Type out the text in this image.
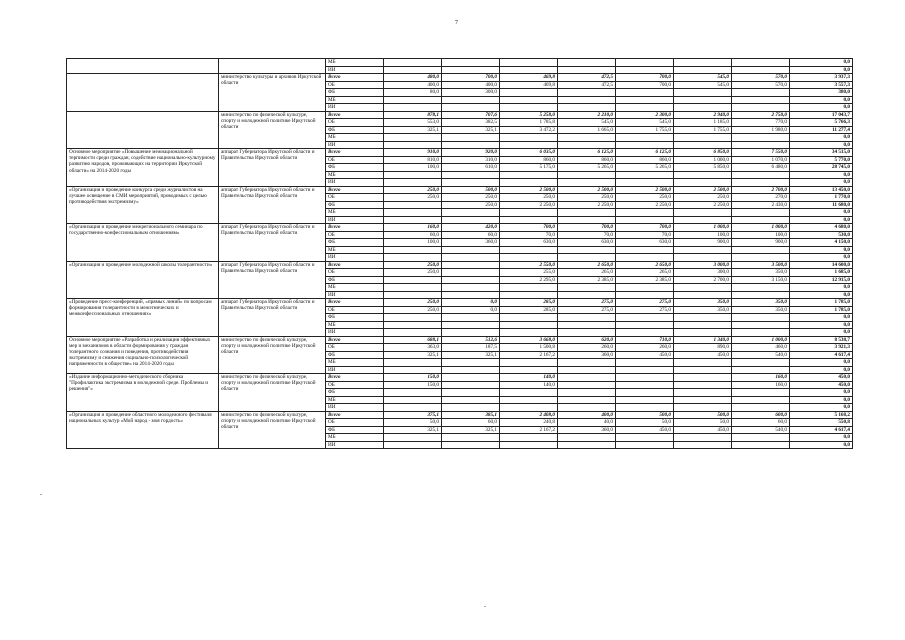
7
.
.
		МБ								0,0
		ИИ								0,0
	министерство культуры и архивов Иркутской области	Всего	480,0	700,0	469,8	472,5	700,0	545,0	570,0	3 937,3
		ОБ	400,0	400,0	469,8	472,5	700,0	545,0	570,0	3 557,3
		ФБ	80,0	300,0						380,0
		МБ								0,0
		ИИ								0,0
	министерство по физической культуре, спорту и молодежной политике Иркутской области	Всего	878,1	707,6	5 258,0	2 210,0	2 300,0	2 940,0	2 750,0	17 043,7
		ОБ	553,0	382,5	1 785,8	545,0	545,0	1 185,0	770,0	5 766,3
		ФБ	325,1	325,1	3 472,2	1 665,0	1 755,0	1 755,0	1 980,0	11 277,4
		МБ								0,0
		ИИ								0,0
Основное мероприятие «Повышение межнациональной терпимости среди граждан, содействие национально-культурному развитию народов, проживающих на территории Иркутской области» на 2014-2020 годы	аппарат Губернатора Иркутской области и Правительства Иркутской области	Всего	910,0	920,0	6 035,0	6 125,0	6 125,0	6 850,0	7 550,0	34 515,0
		ОБ	810,0	310,0	860,0	860,0	860,0	1 000,0	1 070,0	5 770,0
		ФБ	100,0	610,0	5 175,0	5 265,0	5 265,0	5 850,0	6 480,0	28 745,0
		МБ								0,0
		ИИ								0,0
«Организация и проведение конкурса среди журналистов на лучшее освещение в СМИ мероприятий, проводимых с целью противодействия экстремизму»	аппарат Губернатора Иркутской области и Правительства Иркутской области	Всего	250,0	500,0	2 500,0	2 500,0	2 500,0	2 500,0	2 700,0	13 450,0
		ОБ	250,0	250,0	250,0	250,0	250,0	250,0	270,0	1 770,0
		ФБ		250,0	2 250,0	2 250,0	2 250,0	2 250,0	2 430,0	11 680,0
		МБ								0,0
		ИИ								0,0
«Организация и проведение межрегионального семинара по государственно-конфессиональным отношениям»	аппарат Губернатора Иркутской области и Правительства Иркутской области	Всего	160,0	420,0	700,0	700,0	700,0	1 000,0	1 000,0	4 680,0
		ОБ	60,0	60,0	70,0	70,0	70,0	100,0	100,0	530,0
		ФБ	100,0	360,0	630,0	630,0	630,0	900,0	900,0	4 150,0
		МБ								0,0
		ИИ								0,0
«Организация и проведение молодежной школы толерантности»	аппарат Губернатора Иркутской области и Правительства Иркутской области	Всего	250,0		2 550,0	2 650,0	2 650,0	3 000,0	3 500,0	14 600,0
		ОБ	250,0		255,0	265,0	265,0	300,0	350,0	1 685,0
		ФБ			2 295,0	2 385,0	2 385,0	2 700,0	3 150,0	12 915,0
		МБ								0,0
		ИИ								0,0
«Проведение пресс-конференций, «прямых линий» по вопросам формирования толерантности в межэтнических и межконфессиональных отношениях»	аппарат Губернатора Иркутской области и Правительства Иркутской области	Всего	250,0	0,0	285,0	275,0	275,0	350,0	350,0	1 785,0
		ОБ	250,0	0,0	285,0	275,0	275,0	350,0	350,0	1 785,0
		ФБ								0,0
		МБ								0,0
		ИИ								0,0
Основное мероприятие «Разработка и реализация эффективных мер и механизмов в области формирования у граждан толерантного сознания и поведения, противодействия экстремизму и снижения социально-психологической напряженности в обществе» на 2014-2020 годы	министерство по физической культуре, спорту и молодежной политике Иркутской области	Всего	688,1	512,6	3 668,0	620,0	710,0	1 340,0	1 000,0	8 538,7
		ОБ	363,0	187,5	1 500,8	260,0	260,0	890,0	460,0	3 921,3
		ФБ	325,1	325,1	2 167,2	360,0	450,0	450,0	540,0	4 617,4
		МБ								0,0
		ИИ								0,0
«Издание информационно-методического сборника "Профилактика экстремизма в молодежной среде. Проблемы и решения"»	министерство по физической культуре, спорту и молодежной политике Иркутской области	Всего	150,0		140,0				160,0	450,0
		ОБ	150,0		140,0				160,0	450,0
		ФБ								0,0
		МБ								0,0
		ИИ								0,0
«Организация и проведение областного молодежного фестиваля национальных культур «Мой народ - моя гордость»	министерство по физической культуре, спорту и молодежной политике Иркутской области	Всего	375,1	385,1	2 408,0	400,0	500,0	500,0	600,0	5 168,2
		ОБ	50,0	60,0	240,8	40,0	50,0	50,0	60,0	550,8
		ФБ	325,1	325,1	2 167,2	360,0	450,0	450,0	540,0	4 617,4
		МБ								0,0
		ИИ								0,0
